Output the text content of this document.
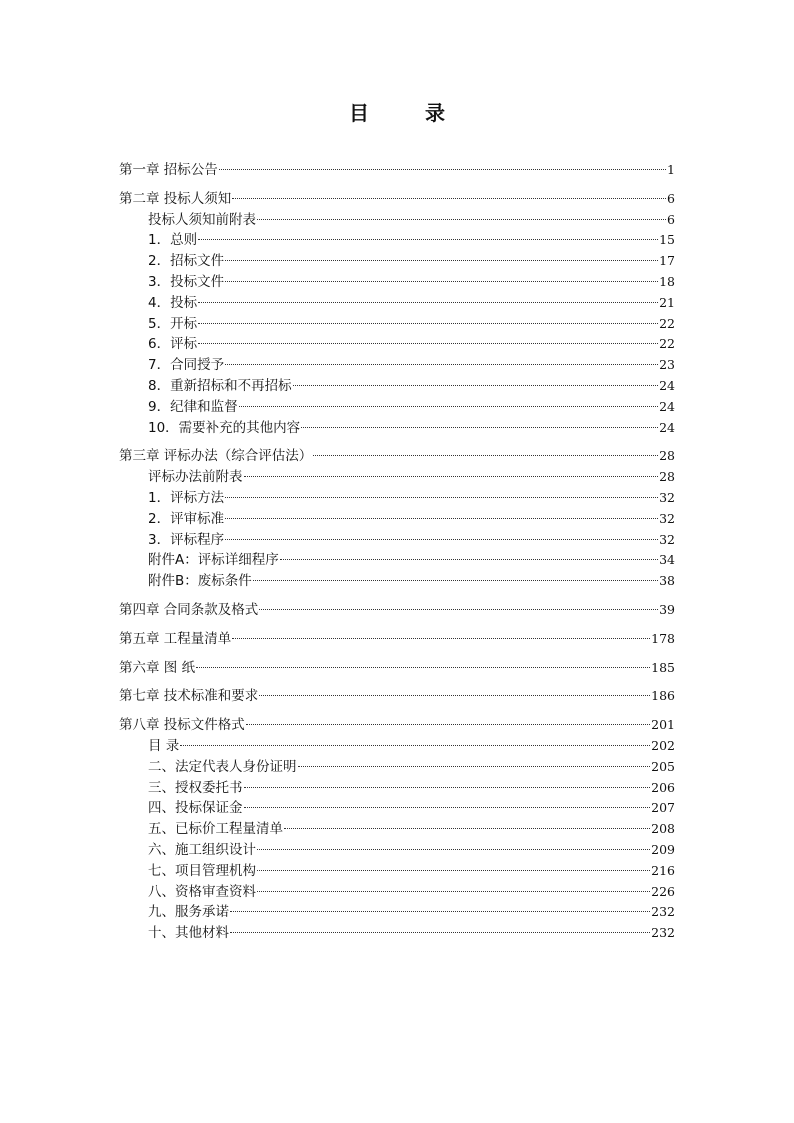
目	录
第一章 招标公告	1
第二章 投标人须知	6
投标人须知前附表	6
1．总则	15
2．招标文件	17
3．投标文件	18
4．投标	21
5．开标	22
6．评标	22
7．合同授予	23
8．重新招标和不再招标	24
9．纪律和监督	24
10．需要补充的其他内容	24
第三章 评标办法（综合评估法）	28
评标办法前附表	28
1．评标方法	32
2．评审标准	32
3．评标程序	32
附件A：评标详细程序	34
附件B：废标条件	38
第四章 合同条款及格式	39
第五章 工程量清单	178
第六章 图 纸	185
第七章 技术标准和要求	186
第八章 投标文件格式	201
目 录	202
二、法定代表人身份证明	205
三、授权委托书	206
四、投标保证金	207
五、已标价工程量清单	208
六、施工组织设计	209
七、项目管理机构	216
八、资格审查资料	226
九、服务承诺	232
十、其他材料	232
